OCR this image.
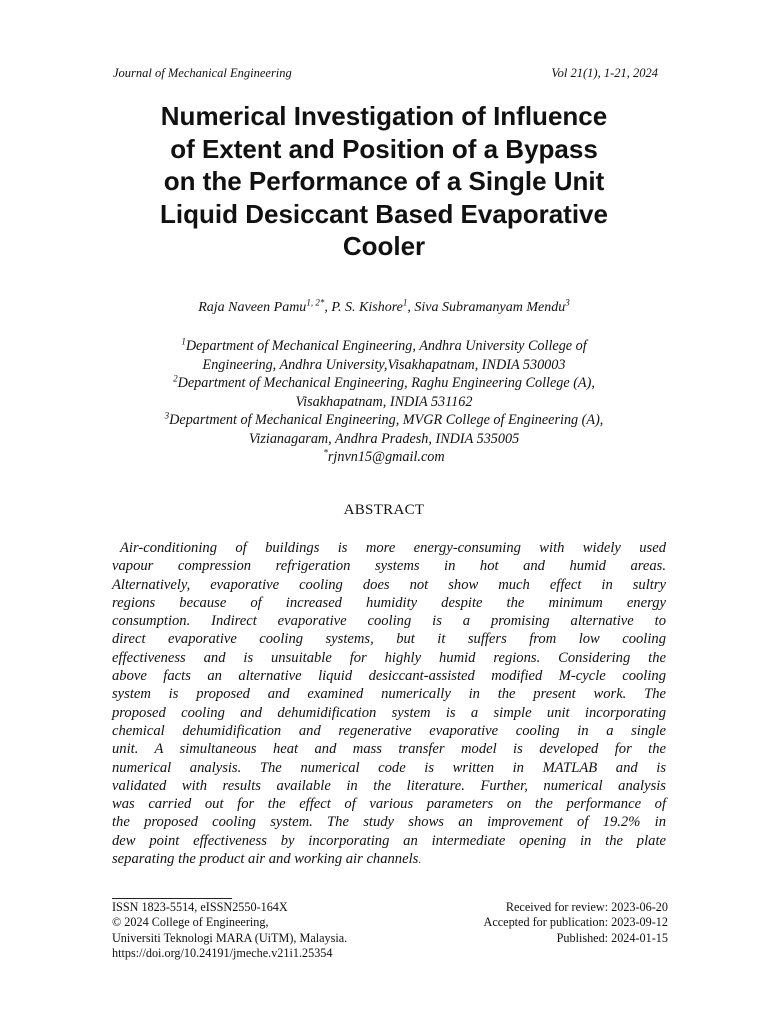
Journal of Mechanical Engineering	Vol 21(1), 1-21, 2024
Numerical Investigation of Influence
of Extent and Position of a Bypass
on the Performance of a Single Unit
Liquid Desiccant Based Evaporative
Cooler
Raja Naveen Pamu$^{1, 2*}$, P. S. Kishore$^1$, Siva Subramanyam Mendu$^3$
$^1$Department of Mechanical Engineering, Andhra University College of
Engineering, Andhra University,Visakhapatnam, INDIA 530003
$^2$Department of Mechanical Engineering, Raghu Engineering College (A),
Visakhapatnam, INDIA 531162
$^3$Department of Mechanical Engineering, MVGR College of Engineering (A),
Vizianagaram, Andhra Pradesh, INDIA 535005
*rjnvn15@gmail.com
ABSTRACT
Air-conditioning of buildings is more energy-consuming with widely used
vapour compression refrigeration systems in hot and humid areas.
Alternatively, evaporative cooling does not show much effect in sultry
regions because of increased humidity despite the minimum energy
consumption. Indirect evaporative cooling is a promising alternative to
direct evaporative cooling systems, but it suffers from low cooling
effectiveness and is unsuitable for highly humid regions. Considering the
above facts an alternative liquid desiccant-assisted modified M-cycle cooling
system is proposed and examined numerically in the present work. The
proposed cooling and dehumidification system is a simple unit incorporating
chemical dehumidification and regenerative evaporative cooling in a single
unit. A simultaneous heat and mass transfer model is developed for the
numerical analysis. The numerical code is written in MATLAB and is
validated with results available in the literature. Further, numerical analysis
was carried out for the effect of various parameters on the performance of
the proposed cooling system. The study shows an improvement of 19.2% in
dew point effectiveness by incorporating an intermediate opening in the plate
separating the product air and working air channels.
ISSN 1823-5514, eISSN2550-164X
© 2024 College of Engineering,
Universiti Teknologi MARA (UiTM), Malaysia.
https://doi.org/10.24191/jmeche.v21i1.25354
Received for review: 2023-06-20
Accepted for publication: 2023-09-12
Published: 2024-01-15
